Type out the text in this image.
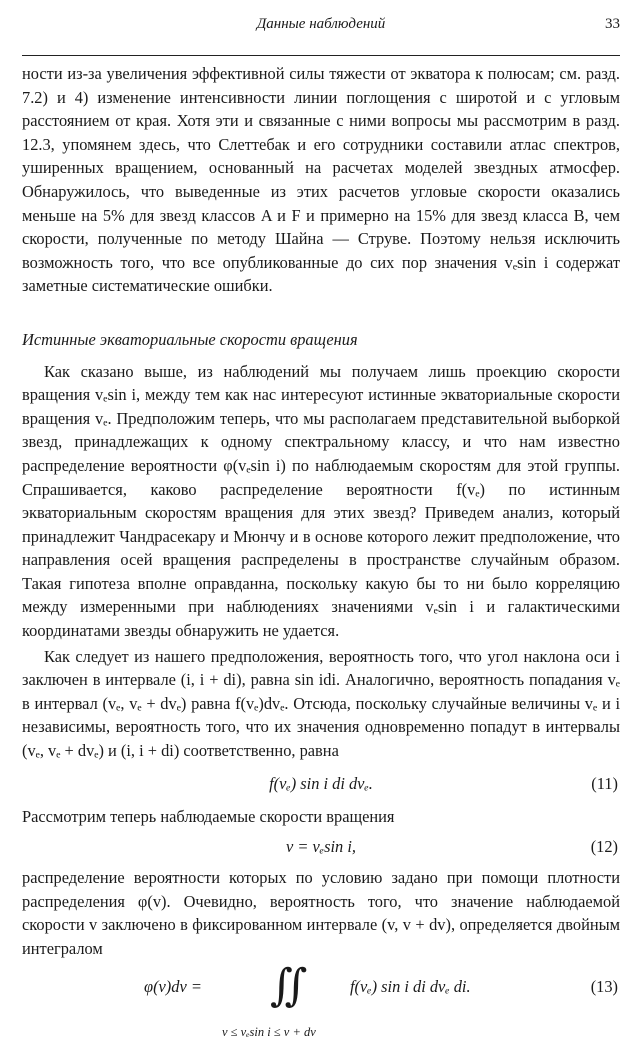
Данные наблюдений	33

ности из-за увеличения эффективной силы тяжести от экватора к полюсам; см. разд. 7.2) и 4) изменение интенсивности линии поглощения с широтой и с угловым расстоянием от края. Хотя эти и связанные с ними вопросы мы рассмотрим в разд. 12.3, упомянем здесь, что Слеттебак и его сотрудники составили атлас спектров, уширенных вращением, основанный на расчетах моделей звездных атмосфер. Обнаружилось, что выведенные из этих расчетов угловые скорости оказались меньше на 5% для звезд классов A и F и примерно на 15% для звезд класса B, чем скорости, полученные по методу Шайна — Струве. Поэтому нельзя исключить возможность того, что все опубликованные до сих пор значения vₑsin i содержат заметные систематические ошибки.

Истинные экваториальные скорости вращения

Как сказано выше, из наблюдений мы получаем лишь проекцию скорости вращения vₑsin i, между тем как нас интересуют истинные экваториальные скорости вращения vₑ. Предположим теперь, что мы располагаем представительной выборкой звезд, принадлежащих к одному спектральному классу, и что нам известно распределение вероятности φ(vₑsin i) по наблюдаемым скоростям для этой группы. Спрашивается, каково распределение вероятности f(vₑ) по истинным экваториальным скоростям вращения для этих звезд? Приведем анализ, который принадлежит Чандрасекару и Мюнчу и в основе которого лежит предположение, что направления осей вращения распределены в пространстве случайным образом. Такая гипотеза вполне оправданна, поскольку какую бы то ни было корреляцию между измеренными при наблюдениях значениями vₑsin i и галактическими координатами звезды обнаружить не удается.

Как следует из нашего предположения, вероятность того, что угол наклона оси i заключен в интервале (i, i + di), равна sin idi. Аналогично, вероятность попадания vₑ в интервал (vₑ, vₑ + dvₑ) равна f(vₑ)dvₑ. Отсюда, поскольку случайные величины vₑ и i независимы, вероятность того, что их значения одновременно попадут в интервалы (vₑ, vₑ + dvₑ) и (i, i + di) соответственно, равна

f(vₑ) sin i di dvₑ.	(11)

Рассмотрим теперь наблюдаемые скорости вращения

v = vₑsin i,	(12)

распределение вероятности которых по условию задано при помощи плотности распределения φ(v). Очевидно, вероятность того, что значение наблюдаемой скорости v заключено в фиксированном интервале (v, v + dv), определяется двойным интегралом

φ(v)dv = ∬
v ≤ vₑsin i ≤ v + dv
f(vₑ) sin i di dvₑ di.	(13)
